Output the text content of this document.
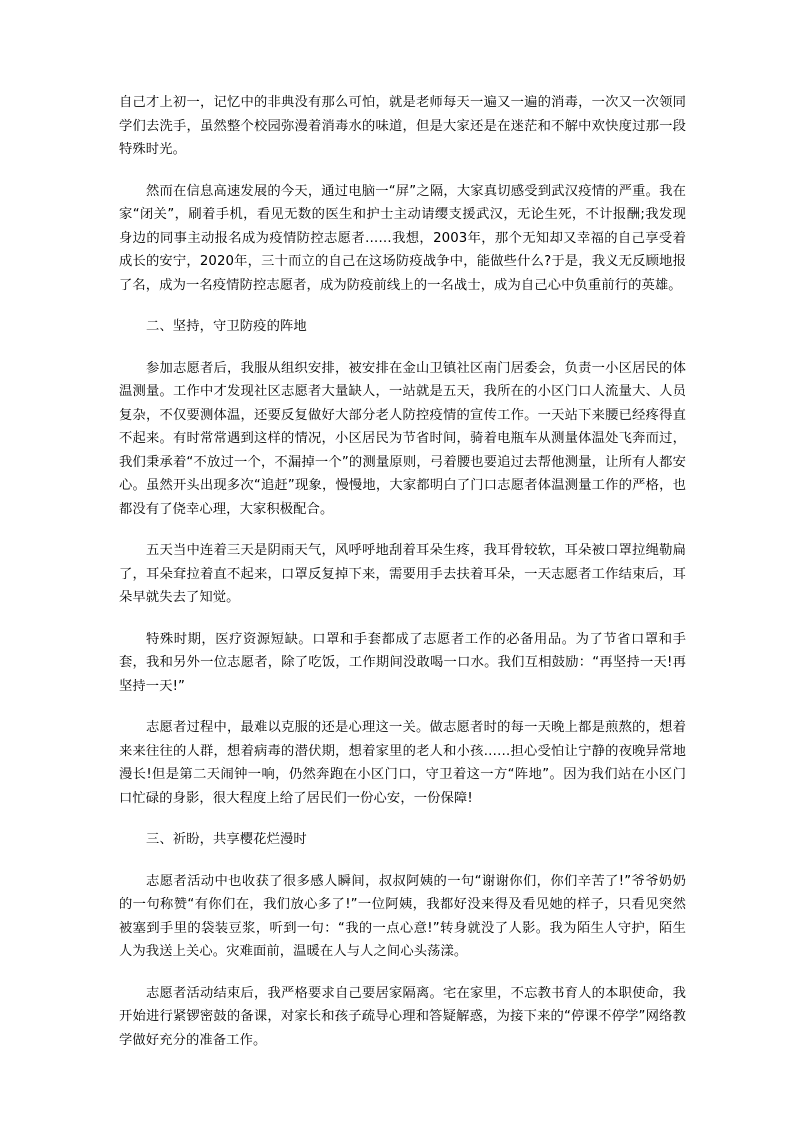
自己才上初一，记忆中的非典没有那么可怕，就是老师每天一遍又一遍的消毒，一次又一次领同学们去洗手，虽然整个校园弥漫着消毒水的味道，但是大家还是在迷茫和不解中欢快度过那一段特殊时光。

然而在信息高速发展的今天，通过电脑一“屏”之隔，大家真切感受到武汉疫情的严重。我在家“闭关”，刷着手机，看见无数的医生和护士主动请缨支援武汉，无论生死，不计报酬;我发现身边的同事主动报名成为疫情防控志愿者……我想，2003年，那个无知却又幸福的自己享受着成长的安宁，2020年，三十而立的自己在这场防疫战争中，能做些什么?于是，我义无反顾地报了名，成为一名疫情防控志愿者，成为防疫前线上的一名战士，成为自己心中负重前行的英雄。

二、坚持，守卫防疫的阵地

参加志愿者后，我服从组织安排，被安排在金山卫镇社区南门居委会，负责一小区居民的体温测量。工作中才发现社区志愿者大量缺人，一站就是五天，我所在的小区门口人流量大、人员复杂，不仅要测体温，还要反复做好大部分老人防控疫情的宣传工作。一天站下来腰已经疼得直不起来。有时常常遇到这样的情况，小区居民为节省时间，骑着电瓶车从测量体温处飞奔而过，我们秉承着“不放过一个，不漏掉一个”的测量原则，弓着腰也要追过去帮他测量，让所有人都安心。虽然开头出现多次“追赶”现象，慢慢地，大家都明白了门口志愿者体温测量工作的严格，也都没有了侥幸心理，大家积极配合。

五天当中连着三天是阴雨天气，风呼呼地刮着耳朵生疼，我耳骨较软，耳朵被口罩拉绳勒扁了，耳朵耷拉着直不起来，口罩反复掉下来，需要用手去扶着耳朵，一天志愿者工作结束后，耳朵早就失去了知觉。

特殊时期，医疗资源短缺。口罩和手套都成了志愿者工作的必备用品。为了节省口罩和手套，我和另外一位志愿者，除了吃饭，工作期间没敢喝一口水。我们互相鼓励：“再坚持一天!再坚持一天!”

志愿者过程中，最难以克服的还是心理这一关。做志愿者时的每一天晚上都是煎熬的，想着来来往往的人群，想着病毒的潜伏期，想着家里的老人和小孩……担心受怕让宁静的夜晚异常地漫长!但是第二天闹钟一响，仍然奔跑在小区门口，守卫着这一方“阵地”。因为我们站在小区门口忙碌的身影，很大程度上给了居民们一份心安，一份保障!

三、祈盼，共享樱花烂漫时

志愿者活动中也收获了很多感人瞬间，叔叔阿姨的一句“谢谢你们，你们辛苦了!”爷爷奶奶的一句称赞“有你们在，我们放心多了!”一位阿姨，我都好没来得及看见她的样子，只看见突然被塞到手里的袋装豆浆，听到一句：“我的一点心意!”转身就没了人影。我为陌生人守护，陌生人为我送上关心。灾难面前，温暖在人与人之间心头荡漾。

志愿者活动结束后，我严格要求自己要居家隔离。宅在家里，不忘教书育人的本职使命，我开始进行紧锣密鼓的备课，对家长和孩子疏导心理和答疑解惑，为接下来的“停课不停学”网络教学做好充分的准备工作。
